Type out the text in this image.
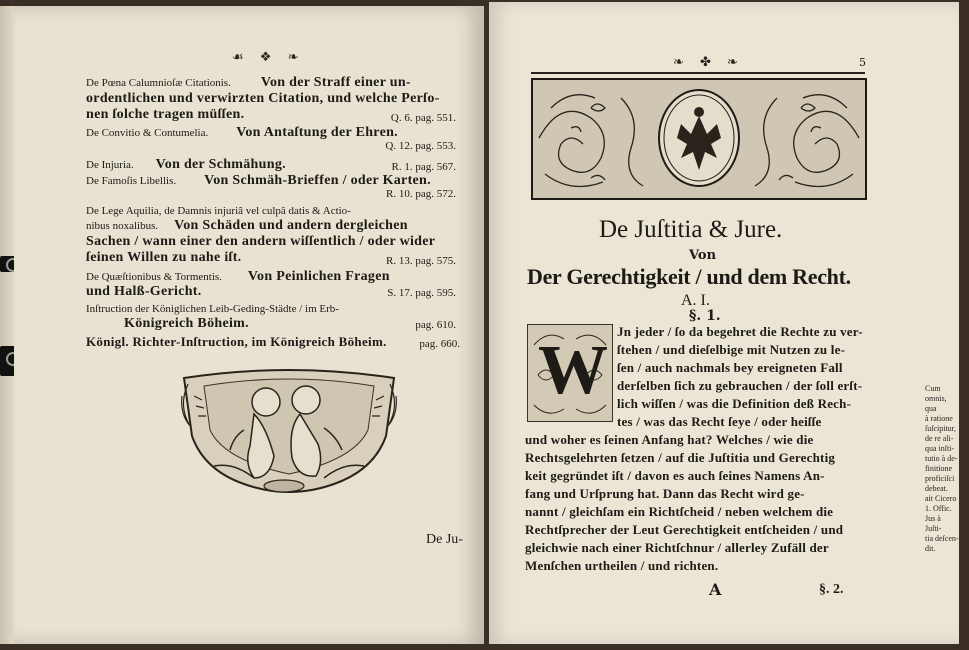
☙ ❖ ❧
De Pœna Calumnioſæ Citationis. Von der Straff einer un-
ordentlichen und verwirzten Citation, und welche Perſo-
nen ſolche tragen müſſen.	Q. 6. pag. 551.
De Convitio & Contumelia. Von Antaſtung der Ehren.
Q. 12. pag. 553.
De Injuria. Von der Schmähung.	R. 1. pag. 567.
De Famoſis Libellis. Von Schmäh-Brieffen / oder Karten.
R. 10. pag. 572.
De Lege Aquilia, de Damnis injuriâ vel culpâ datis & Actio-
nibus noxalibus. Von Schäden und andern dergleichen
Sachen / wann einer den andern wiſſentlich / oder wider
ſeinen Willen zu nahe iſt.	R. 13. pag. 575.
De Quæſtionibus & Tormentis. Von Peinlichen Fragen
und Halß-Gericht.	S. 17. pag. 595.
Inſtruction der Königlichen Leib-Geding-Städte / im Erb-
Königreich Böheim.	pag. 610.
Königl. Richter-Inſtruction, im Königreich Böheim.	pag. 660.
De Ju-
5
❧ ✤ ❧
De Juſtitia & Jure.
Von
Der Gerechtigkeit / und dem Recht.
A. I.
§. 1.
W
Jn jeder / ſo da begehret die Rechte zu ver-
ſtehen / und dieſelbige mit Nutzen zu le-
ſen / auch nachmals bey ereigneten Fall
derſelben ſich zu gebrauchen / der ſoll erſt-
lich wiſſen / was die Definition deß Rech-
tes / was das Recht ſeye / oder heiſſe
und woher es ſeinen Anfang hat? Welches / wie die
Rechtsgelehrten ſetzen / auf die Juſtitia und Gerechtig
keit gegründet iſt / davon es auch ſeines Namens An-
fang und Urſprung hat. Dann das Recht wird ge-
nannt / gleichſam ein Richtſcheid / neben welchem die
Rechtſprecher der Leut Gerechtigkeit entſcheiden / und
gleichwie nach einer Richtſchnur / allerley Zufäll der
Menſchen urtheilen / und richten.
Cum
omnis, qua
à ratione
ſuſcipitur,
de re ali-
qua inſti-
tutio à de-
finitione
proficiſci
debeat.
ait Cicero
1. Offic.
Jus à Juſti-
tia deſcen-
dit.
A	§. 2.
